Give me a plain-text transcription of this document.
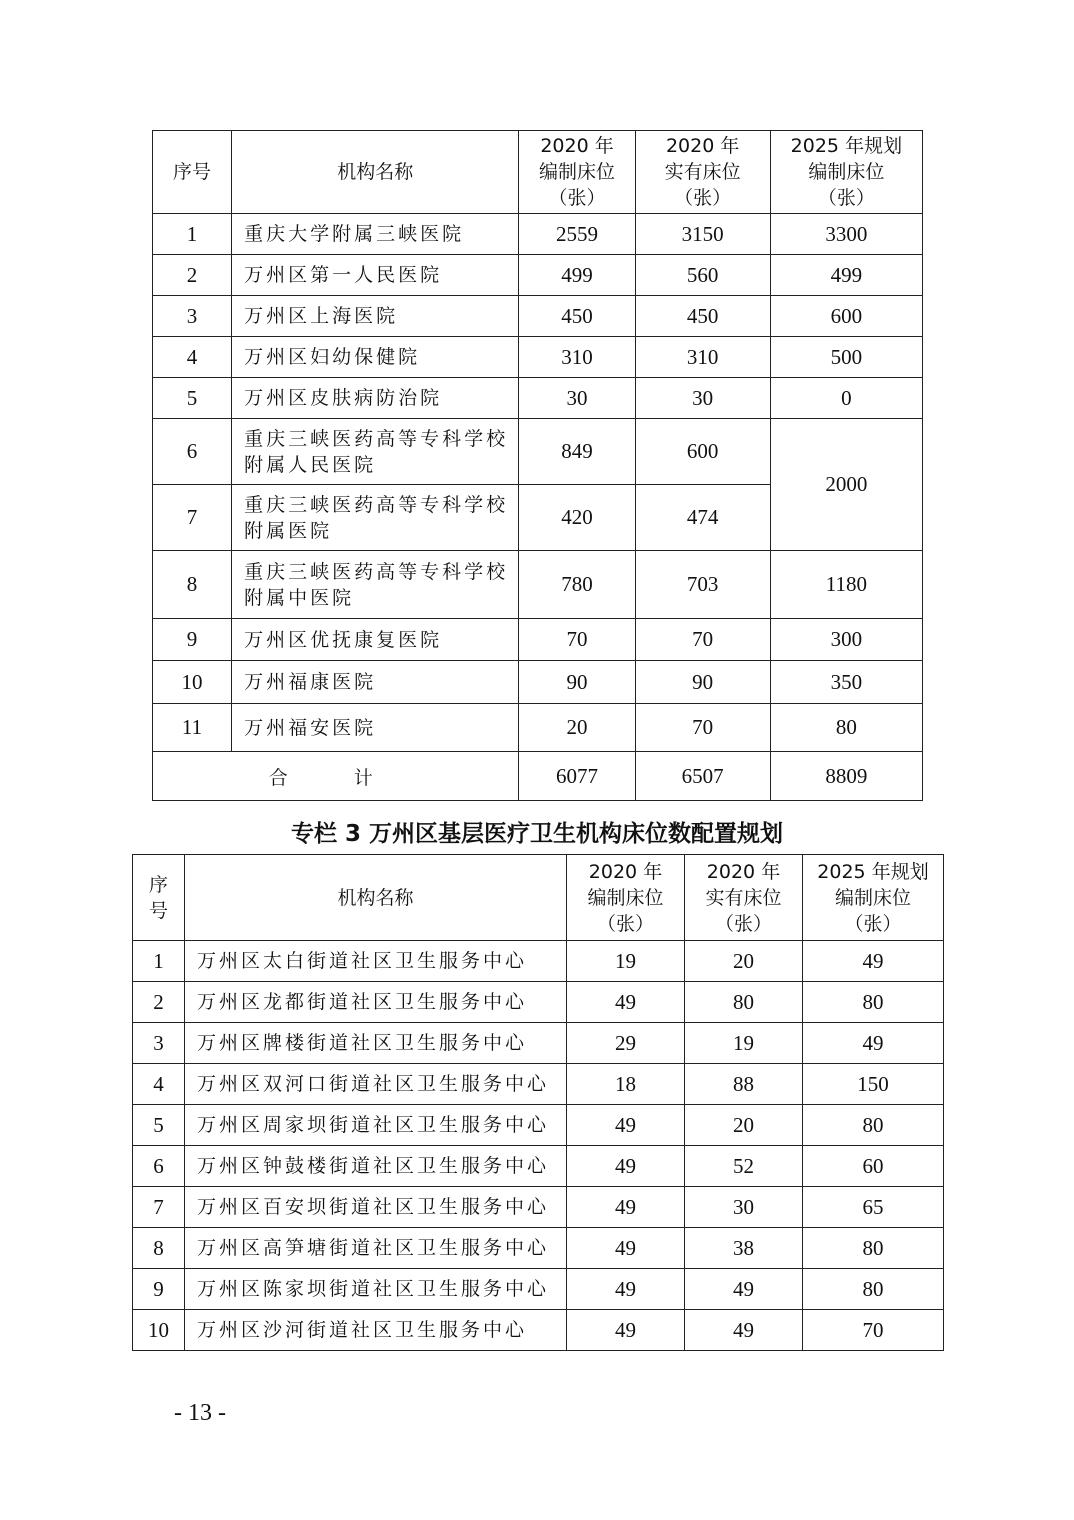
序号	机构名称	2020 年
编制床位
（张）	2020 年
实有床位
（张）	2025 年规划
编制床位
（张）

1	重庆大学附属三峡医院	2559	3150	3300
2	万州区第一人民医院	499	560	499
3	万州区上海医院	450	450	600
4	万州区妇幼保健院	310	310	500
5	万州区皮肤病防治院	30	30	0
6	重庆三峡医药高等专科学校
附属人民医院	849	600	2000
7	重庆三峡医药高等专科学校
附属医院	420	474	
8	重庆三峡医药高等专科学校
附属中医院	780	703	1180
9	万州区优抚康复医院	70	70	300
10	万州福康医院	90	90	350
11	万州福安医院	20	70	80
合 计		6077	6507	8809
专栏 3 万州区基层医疗卫生机构床位数配置规划
序
号	机构名称	2020 年
编制床位
（张）	2020 年
实有床位
（张）	2025 年规划
编制床位
（张）

1	万州区太白街道社区卫生服务中心	19	20	49
2	万州区龙都街道社区卫生服务中心	49	80	80
3	万州区牌楼街道社区卫生服务中心	29	19	49
4	万州区双河口街道社区卫生服务中心	18	88	150
5	万州区周家坝街道社区卫生服务中心	49	20	80
6	万州区钟鼓楼街道社区卫生服务中心	49	52	60
7	万州区百安坝街道社区卫生服务中心	49	30	65
8	万州区高笋塘街道社区卫生服务中心	49	38	80
9	万州区陈家坝街道社区卫生服务中心	49	49	80
10	万州区沙河街道社区卫生服务中心	49	49	70
- 13 -
